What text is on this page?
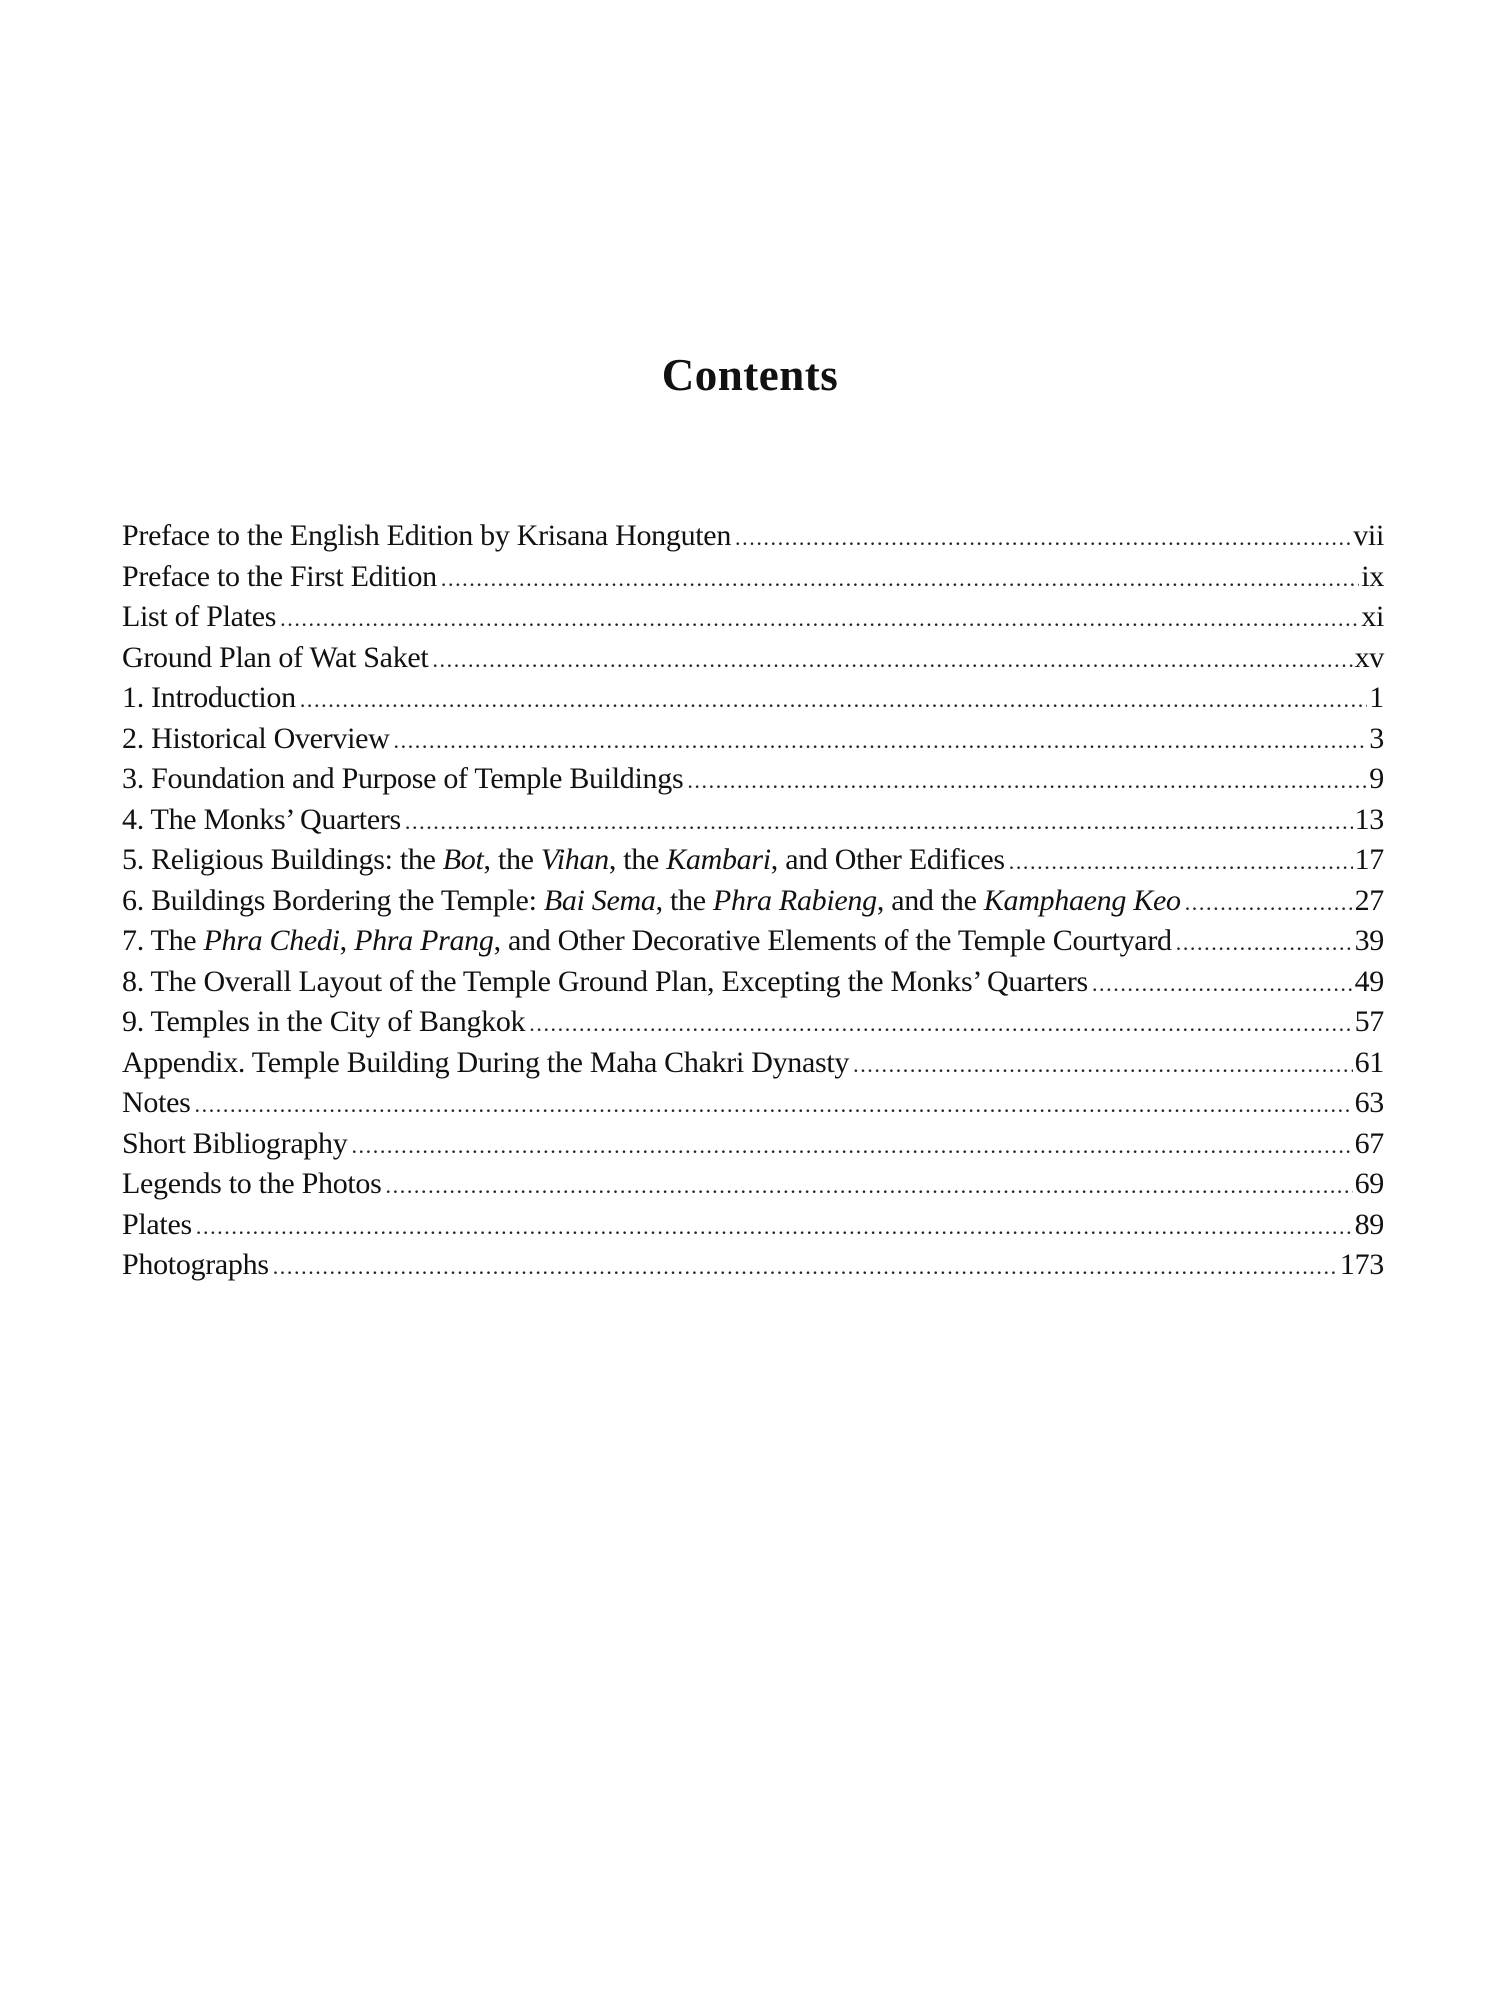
Contents
Preface to the English Edition by Krisana Honguten .....	vii
Preface to the First Edition .....	ix
List of Plates .....	xi
Ground Plan of Wat Saket .....	xv
1. Introduction .....	1
2. Historical Overview .....	3
3. Foundation and Purpose of Temple Buildings .....	9
4. The Monks’ Quarters .....	13
5. Religious Buildings: the Bot, the Vihan, the Kambari, and Other Edifices .....	17
6. Buildings Bordering the Temple: Bai Sema, the Phra Rabieng, and the Kamphaeng Keo .....	27
7. The Phra Chedi, Phra Prang, and Other Decorative Elements of the Temple Courtyard .....	39
8. The Overall Layout of the Temple Ground Plan, Excepting the Monks’ Quarters .....	49
9. Temples in the City of Bangkok .....	57
Appendix. Temple Building During the Maha Chakri Dynasty .....	61
Notes .....	63
Short Bibliography .....	67
Legends to the Photos .....	69
Plates .....	89
Photographs .....	173
